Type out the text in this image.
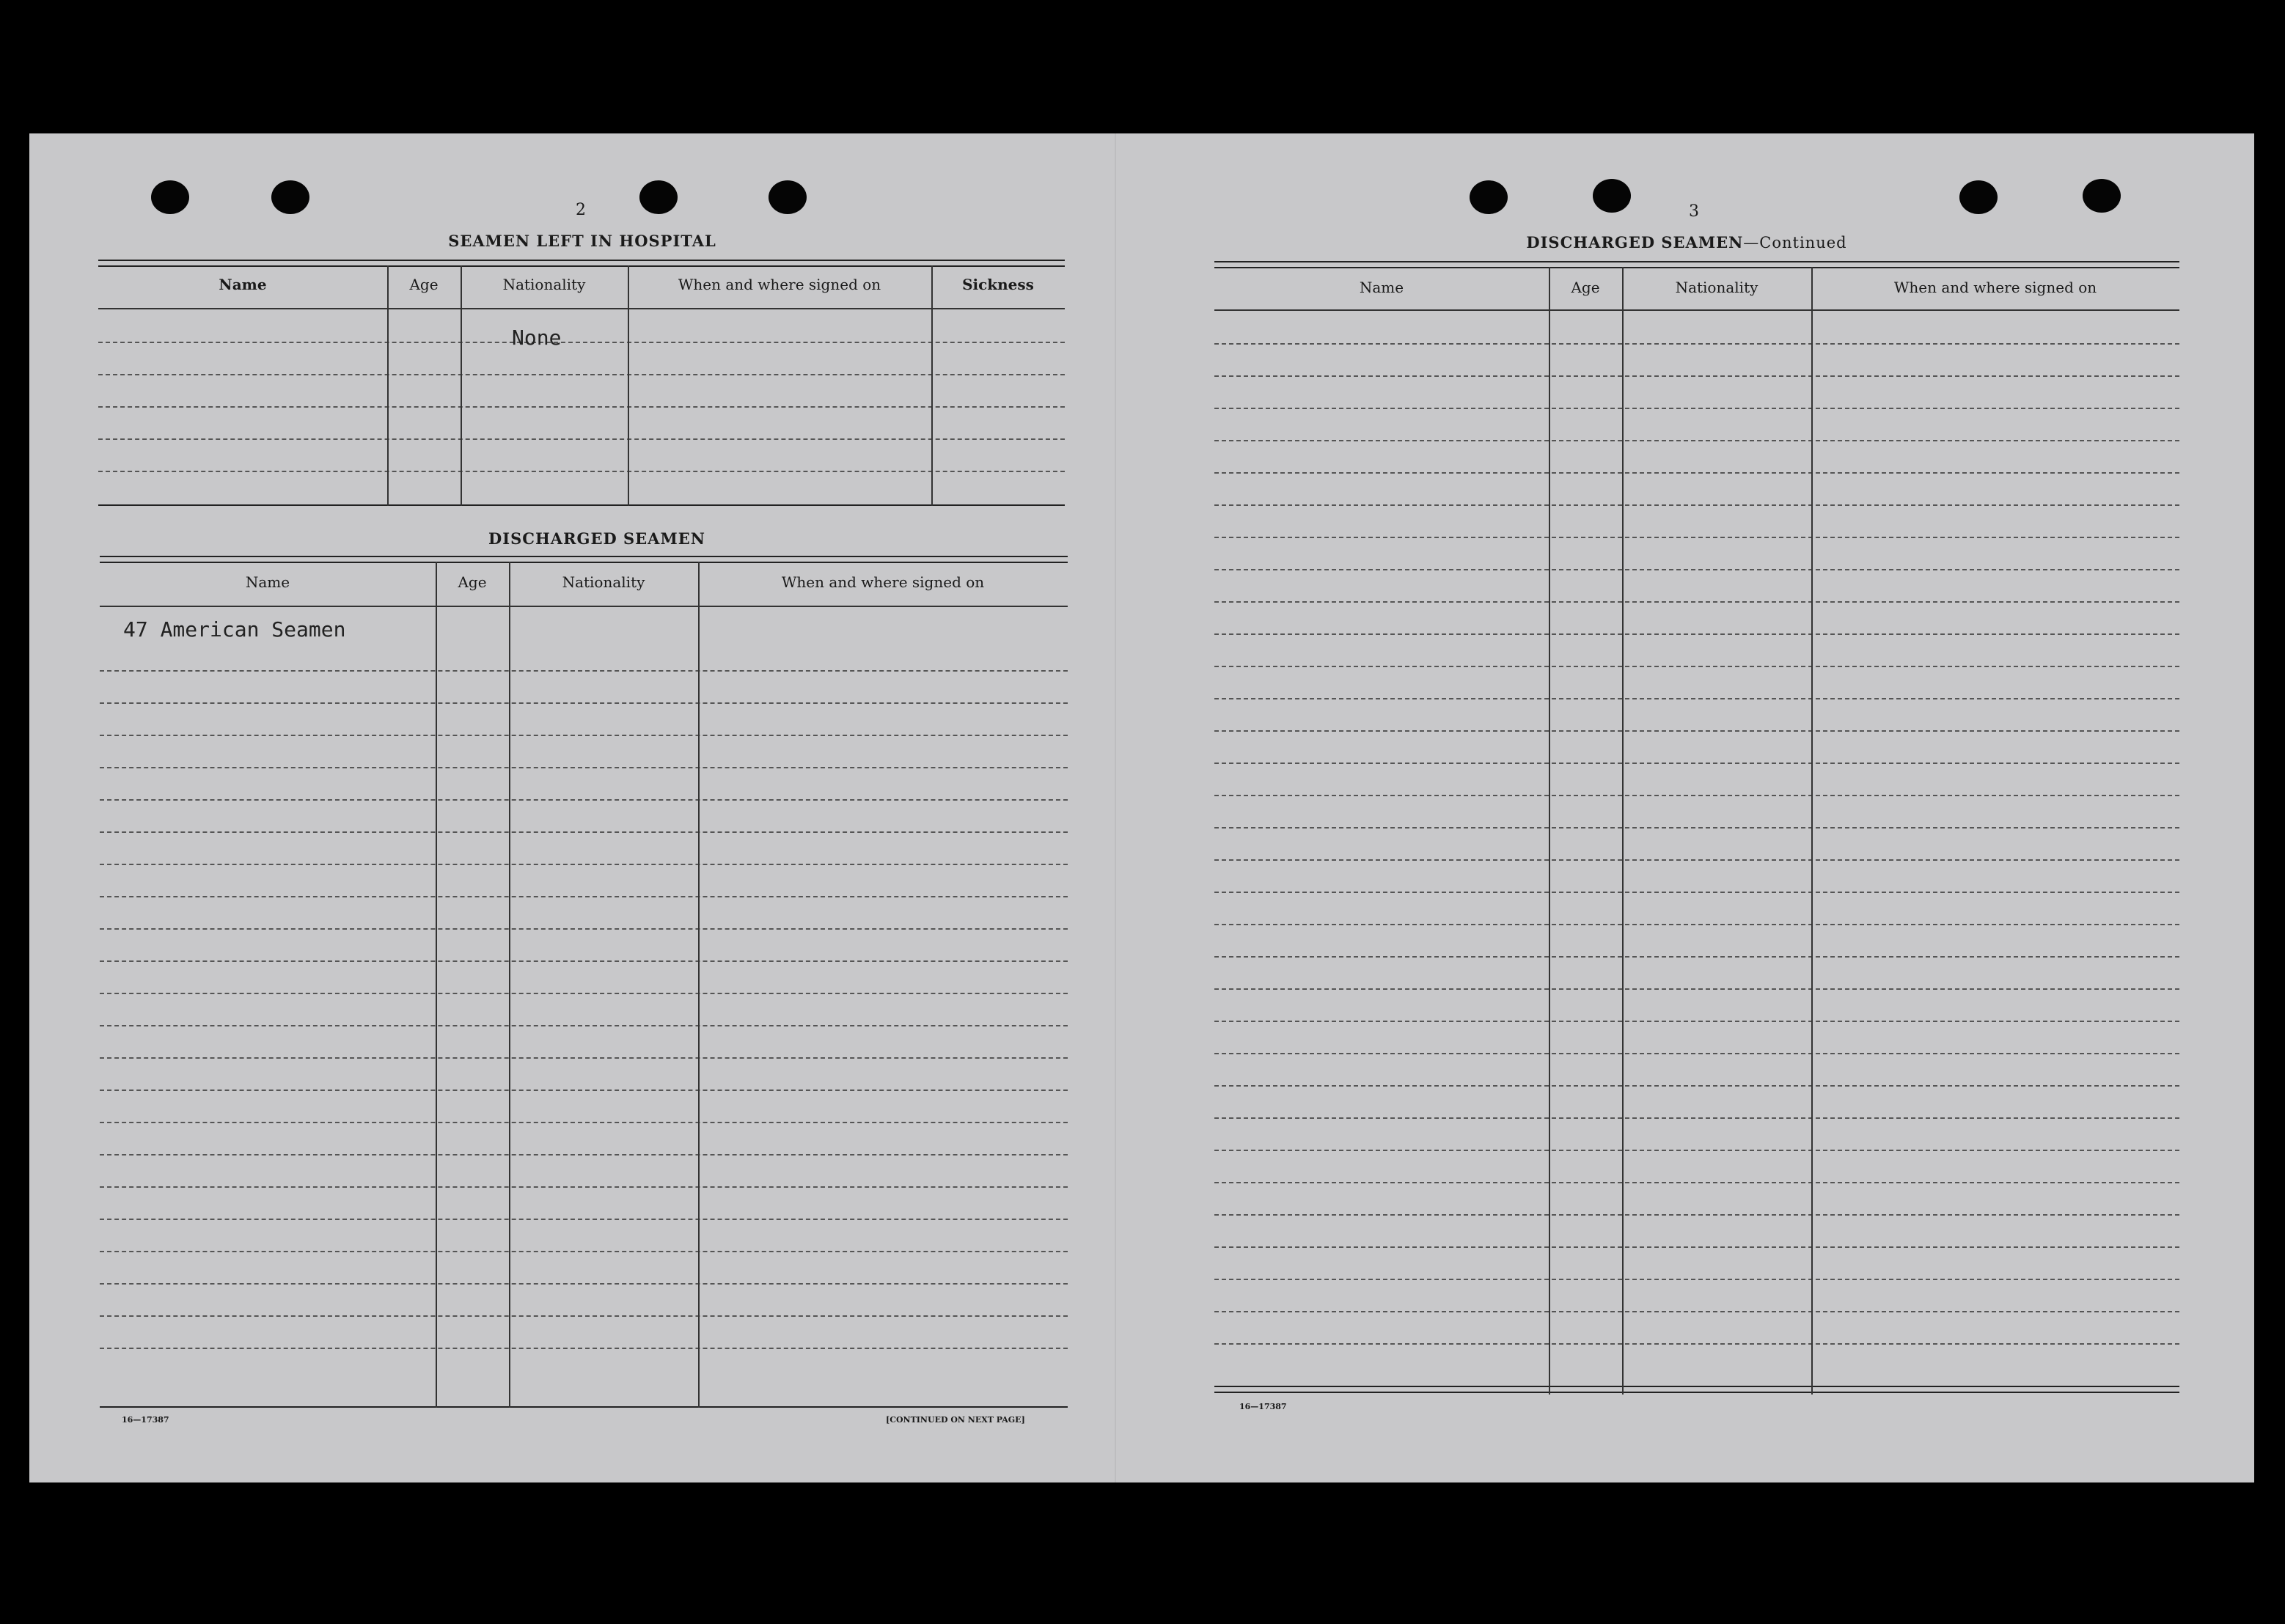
2
SEAMEN LEFT IN HOSPITAL
Name	Age	Nationality	When and where signed on	Sickness
None
DISCHARGED SEAMEN
Name	Age	Nationality	When and where signed on
47 American Seamen
16—17387	[CONTINUED ON NEXT PAGE]
3
DISCHARGED SEAMEN—Continued
Name	Age	Nationality	When and where signed on
16—17387
